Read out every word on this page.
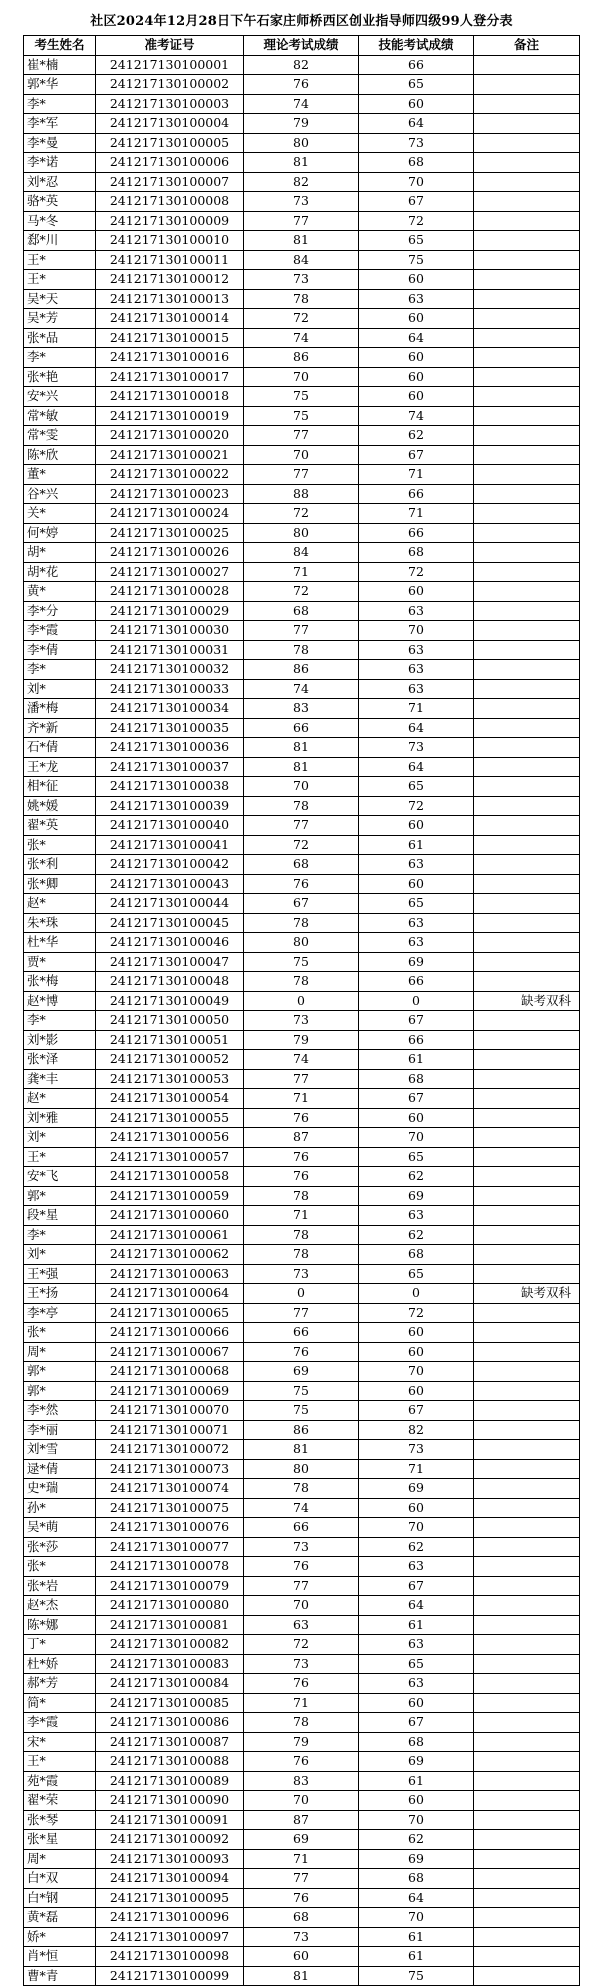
社区2024年12月28日下午石家庄师桥西区创业指导师四级99人登分表
考生姓名	准考证号	理论考试成绩	技能考试成绩	备注
崔*楠	241217130100001	82	66	
郭*华	241217130100002	76	65	
李*	241217130100003	74	60	
李*军	241217130100004	79	64	
李*曼	241217130100005	80	73	
李*诺	241217130100006	81	68	
刘*忍	241217130100007	82	70	
骆*英	241217130100008	73	67	
马*冬	241217130100009	77	72	
郄*川	241217130100010	81	65	
王*	241217130100011	84	75	
王*	241217130100012	73	60	
吴*天	241217130100013	78	63	
吴*芳	241217130100014	72	60	
张*品	241217130100015	74	64	
李*	241217130100016	86	60	
张*艳	241217130100017	70	60	
安*兴	241217130100018	75	60	
常*敏	241217130100019	75	74	
常*雯	241217130100020	77	62	
陈*欣	241217130100021	70	67	
董*	241217130100022	77	71	
谷*兴	241217130100023	88	66	
关*	241217130100024	72	71	
何*婷	241217130100025	80	66	
胡*	241217130100026	84	68	
胡*花	241217130100027	71	72	
黄*	241217130100028	72	60	
李*分	241217130100029	68	63	
李*霞	241217130100030	77	70	
李*倩	241217130100031	78	63	
李*	241217130100032	86	63	
刘*	241217130100033	74	63	
潘*梅	241217130100034	83	71	
齐*新	241217130100035	66	64	
石*倩	241217130100036	81	73	
王*龙	241217130100037	81	64	
相*征	241217130100038	70	65	
姚*媛	241217130100039	78	72	
翟*英	241217130100040	77	60	
张*	241217130100041	72	61	
张*利	241217130100042	68	63	
张*卿	241217130100043	76	60	
赵*	241217130100044	67	65	
朱*珠	241217130100045	78	63	
杜*华	241217130100046	80	63	
贾*	241217130100047	75	69	
张*梅	241217130100048	78	66	
赵*博	241217130100049	0	0	缺考双科
李*	241217130100050	73	67	
刘*影	241217130100051	79	66	
张*泽	241217130100052	74	61	
龚*丰	241217130100053	77	68	
赵*	241217130100054	71	67	
刘*雅	241217130100055	76	60	
刘*	241217130100056	87	70	
王*	241217130100057	76	65	
安*飞	241217130100058	76	62	
郭*	241217130100059	78	69	
段*星	241217130100060	71	63	
李*	241217130100061	78	62	
刘*	241217130100062	78	68	
王*强	241217130100063	73	65	
王*扬	241217130100064	0	0	缺考双科
李*亭	241217130100065	77	72	
张*	241217130100066	66	60	
周*	241217130100067	76	60	
郭*	241217130100068	69	70	
郭*	241217130100069	75	60	
李*然	241217130100070	75	67	
李*丽	241217130100071	86	82	
刘*雪	241217130100072	81	73	
逯*倩	241217130100073	80	71	
史*瑞	241217130100074	78	69	
孙*	241217130100075	74	60	
吴*萌	241217130100076	66	70	
张*莎	241217130100077	73	62	
张*	241217130100078	76	63	
张*岩	241217130100079	77	67	
赵*杰	241217130100080	70	64	
陈*娜	241217130100081	63	61	
丁*	241217130100082	72	63	
杜*娇	241217130100083	73	65	
郝*芳	241217130100084	76	63	
简*	241217130100085	71	60	
李*霞	241217130100086	78	67	
宋*	241217130100087	79	68	
王*	241217130100088	76	69	
苑*霞	241217130100089	83	61	
翟*荣	241217130100090	70	60	
张*琴	241217130100091	87	70	
张*星	241217130100092	69	62	
周*	241217130100093	71	69	
白*双	241217130100094	77	68	
白*钢	241217130100095	76	64	
黄*磊	241217130100096	68	70	
娇*	241217130100097	73	61	
肖*恒	241217130100098	60	61	
曹*青	241217130100099	81	75	
